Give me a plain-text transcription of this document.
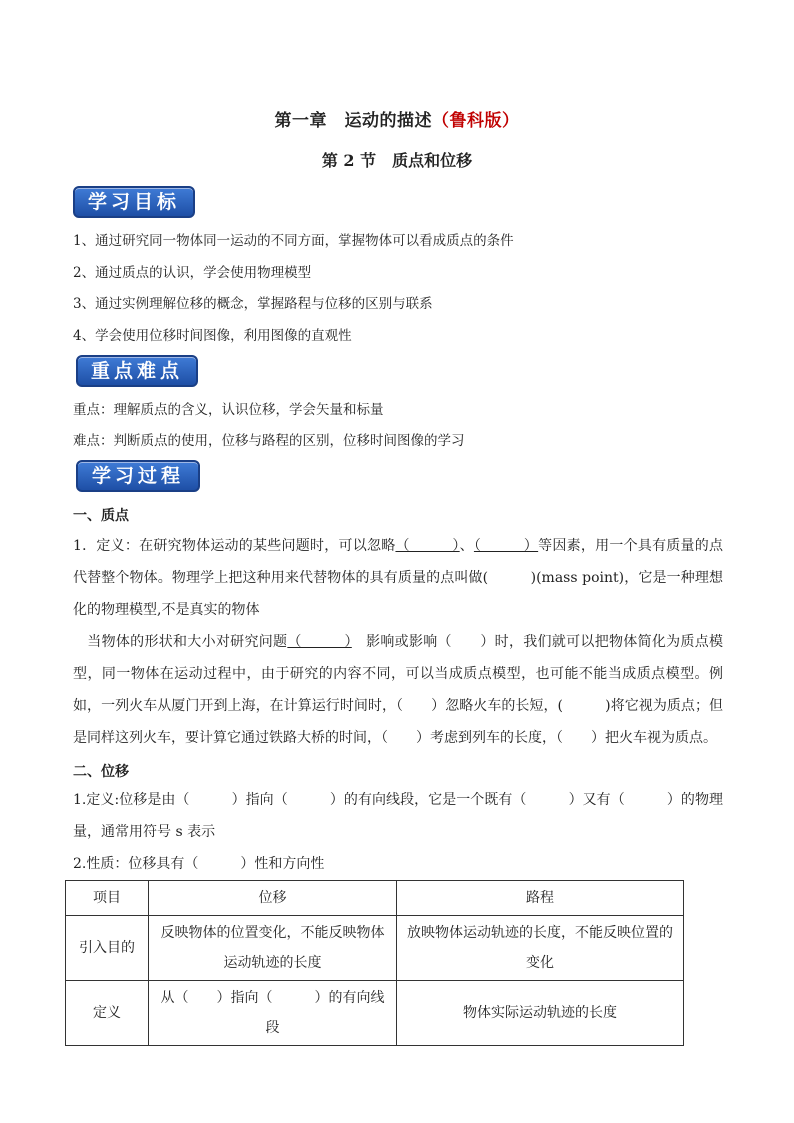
第一章　运动的描述（鲁科版）
第 2 节　质点和位移
学习目标
1、通过研究同一物体同一运动的不同方面，掌握物体可以看成质点的条件
2、通过质点的认识，学会使用物理模型
3、通过实例理解位移的概念，掌握路程与位移的区别与联系
4、学会使用位移时间图像，利用图像的直观性
重点难点
重点：理解质点的含义，认识位移，学会矢量和标量
难点：判断质点的使用，位移与路程的区别，位移时间图像的学习
学习过程
一、质点
1．定义：在研究物体运动的某些问题时，可以忽略（　　　）、（　　　）等因素，用一个具有质量的点代替整个物体。物理学上把这种用来代替物体的具有质量的点叫做(　　　)(mass point)，它是一种理想化的物理模型,不是真实的物体
　当物体的形状和大小对研究问题（　　　）　影响或影响（　　）时，我们就可以把物体简化为质点模型，同一物体在运动过程中，由于研究的内容不同，可以当成质点模型，也可能不能当成质点模型。例如，一列火车从厦门开到上海，在计算运行时间时，（　　）忽略火车的长短，(　　　)将它视为质点；但是同样这列火车，要计算它通过铁路大桥的时间，（　　）考虑到列车的长度，（　　）把火车视为质点。
二、位移
1.定义:位移是由（　　　）指向（　　　）的有向线段，它是一个既有（　　　）又有（　　　）的物理量，通常用符号 s 表示
2.性质：位移具有（　　　）性和方向性
项目	位移	路程
引入目的	反映物体的位置变化，不能反映物体运动轨迹的长度	放映物体运动轨迹的长度，不能反映位置的变化
定义	从（　　）指向（　　　）的有向线段	物体实际运动轨迹的长度
